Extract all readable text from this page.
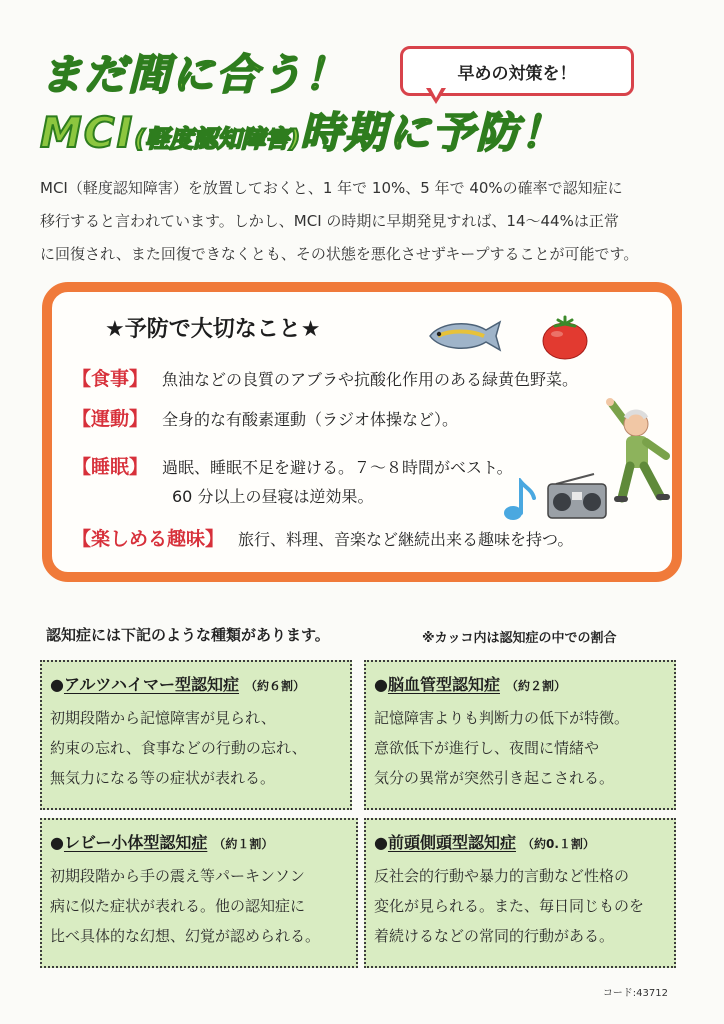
まだ間に合う！
MCI(軽度認知障害)時期に予防！
早めの対策を！
MCI（軽度認知障害）を放置しておくと、1 年で 10%、5 年で 40%の確率で認知症に
移行すると言われています。しかし、MCI の時期に早期発見すれば、14～44%は正常
に回復され、また回復できなくとも、その状態を悪化させずキープすることが可能です。
★予防で大切なこと★
【食事】 魚油などの良質のアブラや抗酸化作用のある緑黄色野菜。
【運動】 全身的な有酸素運動（ラジオ体操など）。
【睡眠】 過眠、睡眠不足を避ける。７～８時間がベスト。
60 分以上の昼寝は逆効果。
【楽しめる趣味】 旅行、料理、音楽など継続出来る趣味を持つ。
認知症には下記のような種類があります。	※カッコ内は認知症の中での割合
●アルツハイマー型認知症 （約６割）
初期段階から記憶障害が見られ、
約束の忘れ、食事などの行動の忘れ、
無気力になる等の症状が表れる。
●脳血管型認知症 （約２割）
記憶障害よりも判断力の低下が特徴。
意欲低下が進行し、夜間に情緒や
気分の異常が突然引き起こされる。
●レビー小体型認知症 （約１割）
初期段階から手の震え等パーキンソン
病に似た症状が表れる。他の認知症に
比べ具体的な幻想、幻覚が認められる。
●前頭側頭型認知症 （約0.１割）
反社会的行動や暴力的言動など性格の
変化が見られる。また、毎日同じものを
着続けるなどの常同的行動がある。
コード:43712
